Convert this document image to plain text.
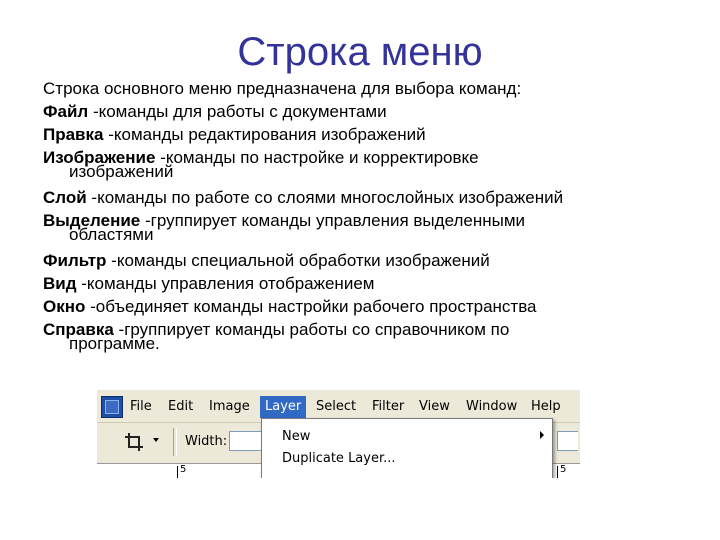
Строка меню
Строка основного меню предназначена для выбора команд:
Файл -команды для работы с документами
Правка -команды редактирования изображений
Изображение -команды по настройке и корректировке
изображений
Слой -команды по работе со слоями многослойных изображений
Выделение -группирует команды управления выделенными
областями
Фильтр -команды специальной обработки изображений
Вид -команды управления отображением
Окно -объединяет команды настройки рабочего пространства
Справка -группирует команды работы со справочником по
программе.
File	Edit	Image	Layer	Select	Filter	View	Window	Help
Width:
5	5
New
Duplicate Layer...
